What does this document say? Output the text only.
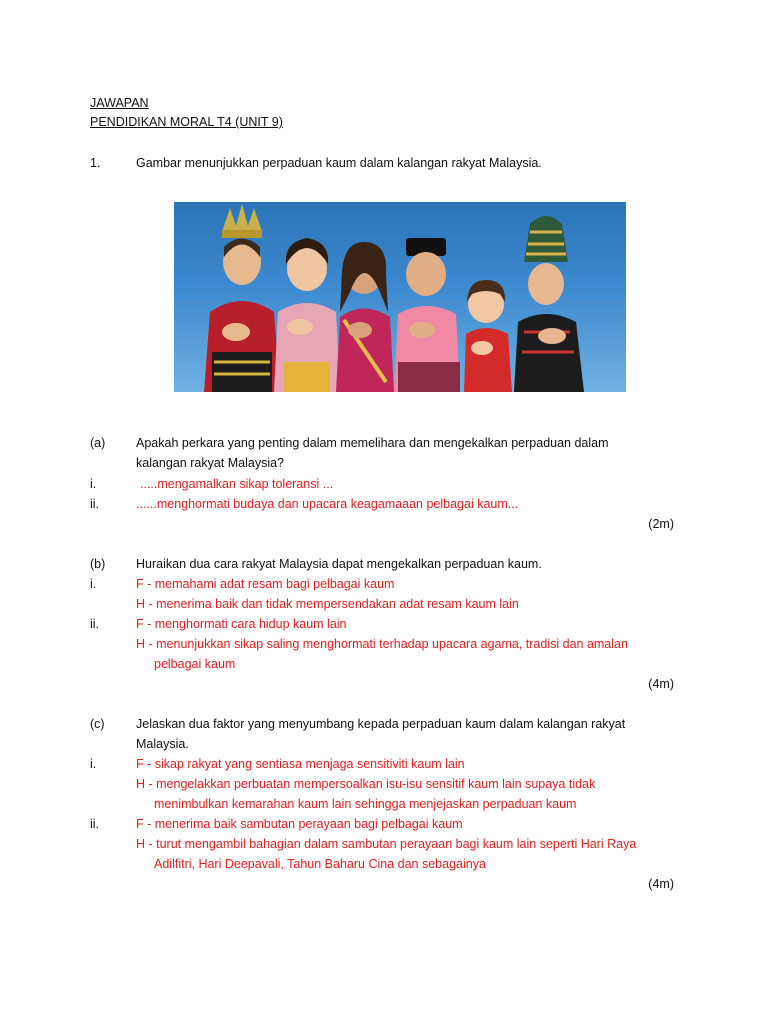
JAWAPAN
PENDIDIKAN MORAL T4 (UNIT 9)
1.	Gambar menunjukkan perpaduan kaum dalam kalangan rakyat Malaysia.
(a) Apakah perkara yang penting dalam memelihara dan mengekalkan perpaduan dalam
kalangan rakyat Malaysia?
i.	.....mengamalkan sikap toleransi ...
ii.	......menghormati budaya dan upacara keagamaaan pelbagai kaum...
(2m)
(b) Huraikan dua cara rakyat Malaysia dapat mengekalkan perpaduan kaum.
i.	F - memahami adat resam bagi pelbagai kaum
H - menerima baik dan tidak mempersendakan adat resam kaum lain
ii.	F - menghormati cara hidup kaum lain
H - menunjukkan sikap saling menghormati terhadap upacara agama, tradisi dan amalan
pelbagai kaum
(4m)
(c)	Jelaskan dua faktor yang menyumbang kepada perpaduan kaum dalam kalangan rakyat
Malaysia.
i.	F - sikap rakyat yang sentiasa menjaga sensitiviti kaum lain
H - mengelakkan perbuatan mempersoalkan isu-isu sensitif kaum lain supaya tidak
menimbulkan kemarahan kaum lain sehingga menjejaskan perpaduan kaum
ii.	F - menerima baik sambutan perayaan bagi pelbagai kaum
H - turut mengambil bahagian dalam sambutan perayaan bagi kaum lain seperti Hari Raya
Adilfitri, Hari Deepavali, Tahun Baharu Cina dan sebagainya
(4m)
